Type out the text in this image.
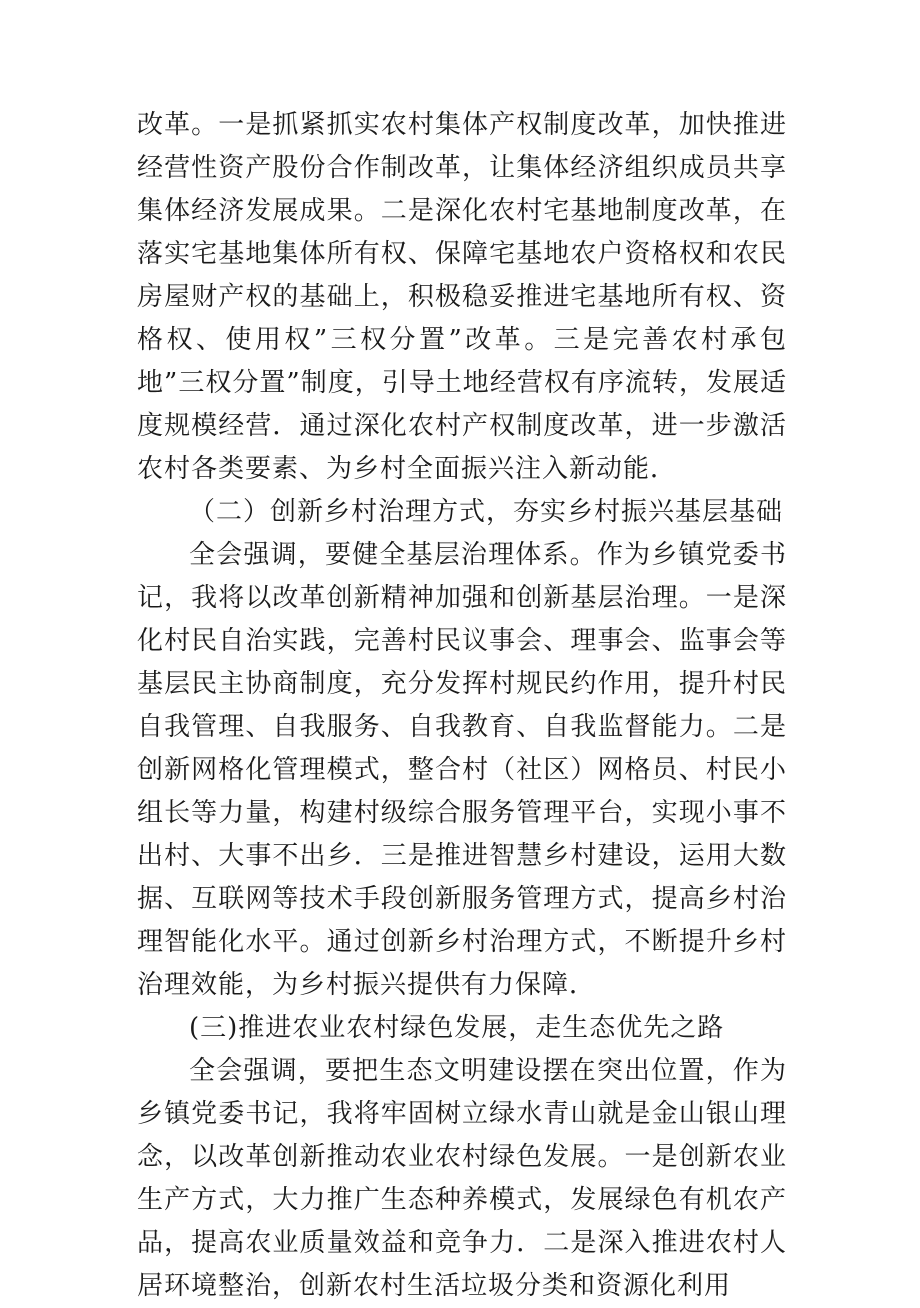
改革。一是抓紧抓实农村集体产权制度改革，加快推进经营性资产股份合作制改革，让集体经济组织成员共享集体经济发展成果。二是深化农村宅基地制度改革，在落实宅基地集体所有权、保障宅基地农户资格权和农民房屋财产权的基础上，积极稳妥推进宅基地所有权、资格权、使用权”三权分置”改革。三是完善农村承包地”三权分置”制度，引导土地经营权有序流转，发展适度规模经营．通过深化农村产权制度改革，进一步激活农村各类要素、为乡村全面振兴注入新动能．

（二）创新乡村治理方式，夯实乡村振兴基层基础

全会强调，要健全基层治理体系。作为乡镇党委书记，我将以改革创新精神加强和创新基层治理。一是深化村民自治实践，完善村民议事会、理事会、监事会等基层民主协商制度，充分发挥村规民约作用，提升村民自我管理、自我服务、自我教育、自我监督能力。二是创新网格化管理模式，整合村（社区）网格员、村民小组长等力量，构建村级综合服务管理平台，实现小事不出村、大事不出乡．三是推进智慧乡村建设，运用大数据、互联网等技术手段创新服务管理方式，提高乡村治理智能化水平。通过创新乡村治理方式，不断提升乡村治理效能，为乡村振兴提供有力保障．

(三)推进农业农村绿色发展，走生态优先之路

全会强调，要把生态文明建设摆在突出位置，作为乡镇党委书记，我将牢固树立绿水青山就是金山银山理念，以改革创新推动农业农村绿色发展。一是创新农业生产方式，大力推广生态种养模式，发展绿色有机农产品，提高农业质量效益和竞争力．二是深入推进农村人居环境整治，创新农村生活垃圾分类和资源化利用
